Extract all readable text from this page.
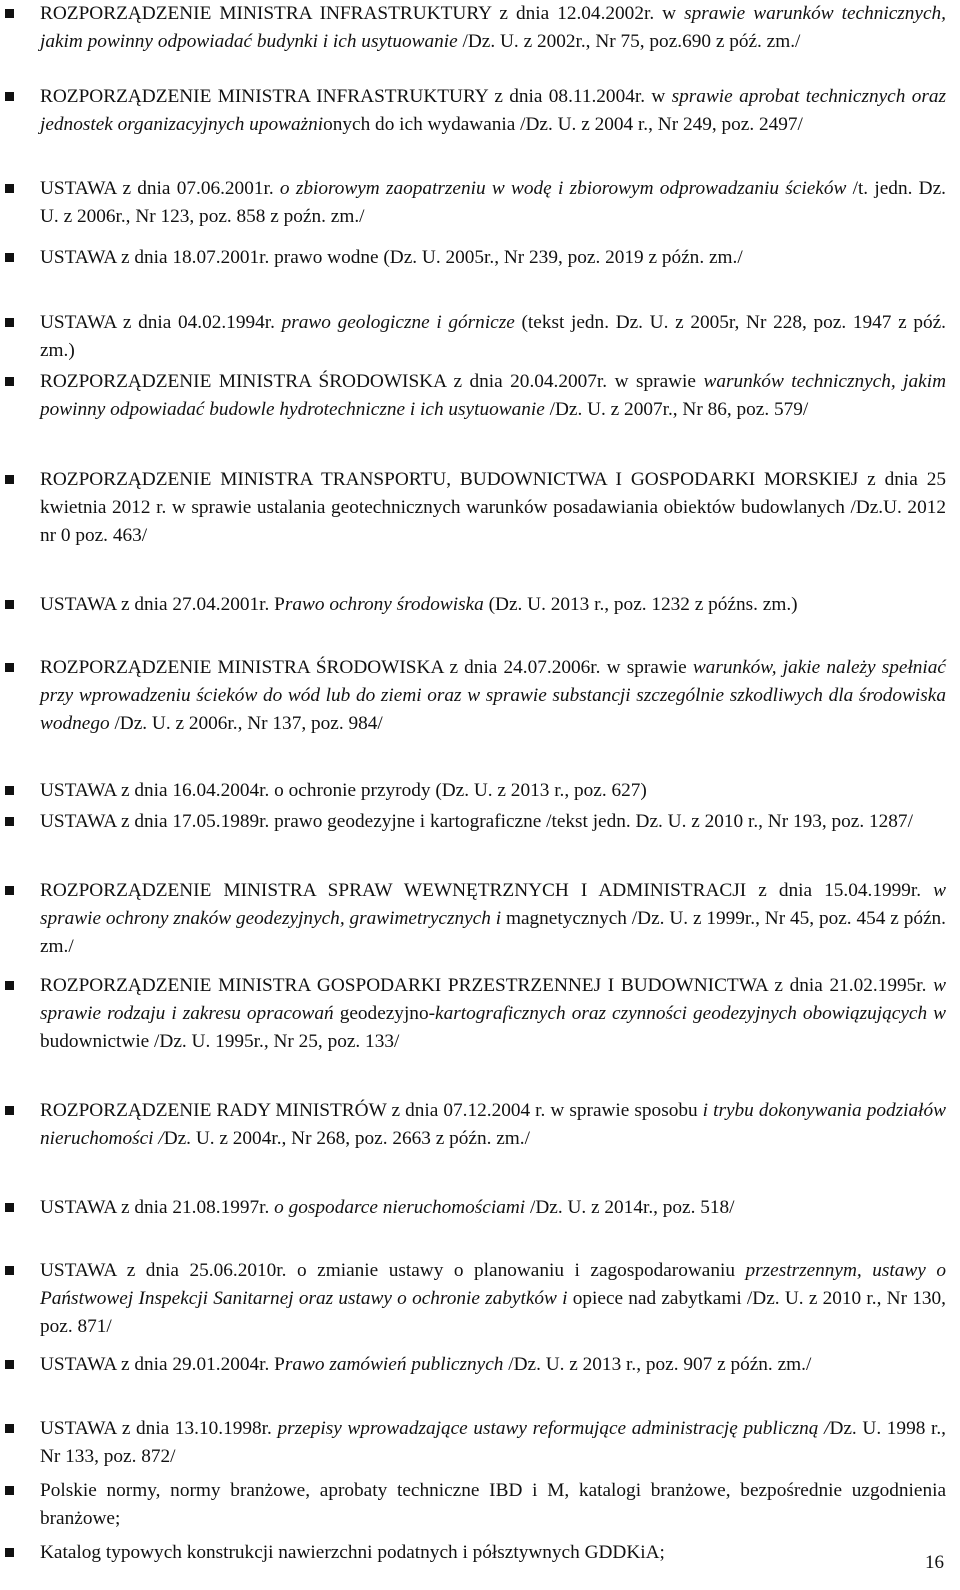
ROZPORZĄDZENIE MINISTRA INFRASTRUKTURY z dnia 12.04.2002r. w sprawie warunków technicznych, jakim powinny odpowiadać budynki i ich usytuowanie /Dz. U. z 2002r., Nr 75, poz.690 z póź. zm./
ROZPORZĄDZENIE MINISTRA INFRASTRUKTURY z dnia 08.11.2004r. w sprawie aprobat technicznych oraz jednostek organizacyjnych upoważnionych do ich wydawania /Dz. U. z 2004 r., Nr 249, poz. 2497/
USTAWA z dnia 07.06.2001r. o zbiorowym zaopatrzeniu w wodę i zbiorowym odprowadzaniu ścieków /t. jedn. Dz. U. z 2006r., Nr 123, poz. 858 z poźn. zm./
USTAWA z dnia 18.07.2001r. prawo wodne (Dz. U. 2005r., Nr 239, poz. 2019 z późn. zm./
USTAWA z dnia 04.02.1994r. prawo geologiczne i górnicze (tekst jedn. Dz. U. z 2005r, Nr 228, poz. 1947 z póź. zm.)
ROZPORZĄDZENIE MINISTRA ŚRODOWISKA z dnia 20.04.2007r. w sprawie warunków technicznych, jakim powinny odpowiadać budowle hydrotechniczne i ich usytuowanie /Dz. U. z 2007r., Nr 86, poz. 579/
ROZPORZĄDZENIE MINISTRA TRANSPORTU, BUDOWNICTWA I GOSPODARKI MORSKIEJ z dnia 25 kwietnia 2012 r. w sprawie ustalania geotechnicznych warunków posadawiania obiektów budowlanych /Dz.U. 2012 nr 0 poz. 463/
USTAWA z dnia 27.04.2001r. Prawo ochrony środowiska (Dz. U. 2013 r., poz. 1232 z późns. zm.)
ROZPORZĄDZENIE MINISTRA ŚRODOWISKA z dnia 24.07.2006r. w sprawie warunków, jakie należy spełniać przy wprowadzeniu ścieków do wód lub do ziemi oraz w sprawie substancji szczególnie szkodliwych dla środowiska wodnego /Dz. U. z 2006r., Nr 137, poz. 984/
USTAWA z dnia 16.04.2004r. o ochronie przyrody (Dz. U. z 2013 r., poz. 627)
USTAWA z dnia 17.05.1989r. prawo geodezyjne i kartograficzne /tekst jedn. Dz. U. z 2010 r., Nr 193, poz. 1287/
ROZPORZĄDZENIE MINISTRA SPRAW WEWNĘTRZNYCH I ADMINISTRACJI z dnia 15.04.1999r. w sprawie ochrony znaków geodezyjnych, grawimetrycznych i magnetycznych /Dz. U. z 1999r., Nr 45, poz. 454 z późn. zm./
ROZPORZĄDZENIE MINISTRA GOSPODARKI PRZESTRZENNEJ I BUDOWNICTWA z dnia 21.02.1995r. w sprawie rodzaju i zakresu opracowań geodezyjno-kartograficznych oraz czynności geodezyjnych obowiązujących w budownictwie /Dz. U. 1995r., Nr 25, poz. 133/
ROZPORZĄDZENIE RADY MINISTRÓW z dnia 07.12.2004 r. w sprawie sposobu i trybu dokonywania podziałów nieruchomości /Dz. U. z 2004r., Nr 268, poz. 2663 z późn. zm./
USTAWA z dnia 21.08.1997r. o gospodarce nieruchomościami /Dz. U. z 2014r., poz. 518/
USTAWA z dnia 25.06.2010r. o zmianie ustawy o planowaniu i zagospodarowaniu przestrzennym, ustawy o Państwowej Inspekcji Sanitarnej oraz ustawy o ochronie zabytków i opiece nad zabytkami /Dz. U. z 2010 r., Nr 130, poz. 871/
USTAWA z dnia 29.01.2004r. Prawo zamówień publicznych /Dz. U. z 2013 r., poz. 907 z późn. zm./
USTAWA z dnia 13.10.1998r. przepisy wprowadzające ustawy reformujące administrację publiczną /Dz. U. 1998 r., Nr 133, poz. 872/
Polskie normy, normy branżowe, aprobaty techniczne IBD i M, katalogi branżowe, bezpośrednie uzgodnienia branżowe;
Katalog typowych konstrukcji nawierzchni podatnych i półsztywnych GDDKiA;	16
